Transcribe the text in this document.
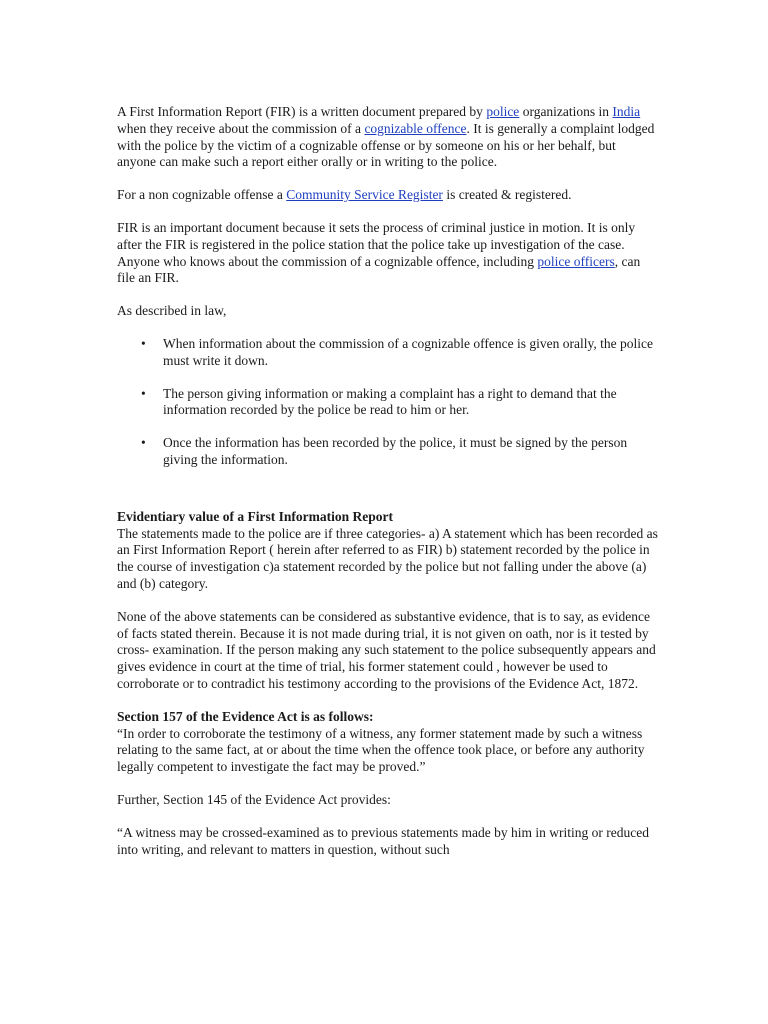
A First Information Report (FIR) is a written document prepared by police organizations in India when they receive about the commission of a cognizable offence. It is generally a complaint lodged with the police by the victim of a cognizable offense or by someone on his or her behalf, but anyone can make such a report either orally or in writing to the police.

For a non cognizable offense a Community Service Register is created & registered.

FIR is an important document because it sets the process of criminal justice in motion. It is only after the FIR is registered in the police station that the police take up investigation of the case. Anyone who knows about the commission of a cognizable offence, including police officers, can file an FIR.

As described in law,

•	When information about the commission of a cognizable offence is given orally, the police must write it down.
•	The person giving information or making a complaint has a right to demand that the information recorded by the police be read to him or her.
•	Once the information has been recorded by the police, it must be signed by the person giving the information.

Evidentiary value of a First Information Report

The statements made to the police are if three categories- a) A statement which has been recorded as an First Information Report ( herein after referred to as FIR) b) statement recorded by the police in the course of investigation c)a statement recorded by the police but not falling under the above (a) and (b) category.

None of the above statements can be considered as substantive evidence, that is to say, as evidence of facts stated therein. Because it is not made during trial, it is not given on oath, nor is it tested by cross- examination. If the person making any such statement to the police subsequently appears and gives evidence in court at the time of trial, his former statement could , however be used to corroborate or to contradict his testimony according to the provisions of the Evidence Act, 1872.

Section 157 of the Evidence Act is as follows:

“In order to corroborate the testimony of a witness, any former statement made by such a witness relating to the same fact, at or about the time when the offence took place, or before any authority legally competent to investigate the fact may be proved.”

Further, Section 145 of the Evidence Act provides:

“A witness may be crossed-examined as to previous statements made by him in writing or reduced into writing, and relevant to matters in question, without such
